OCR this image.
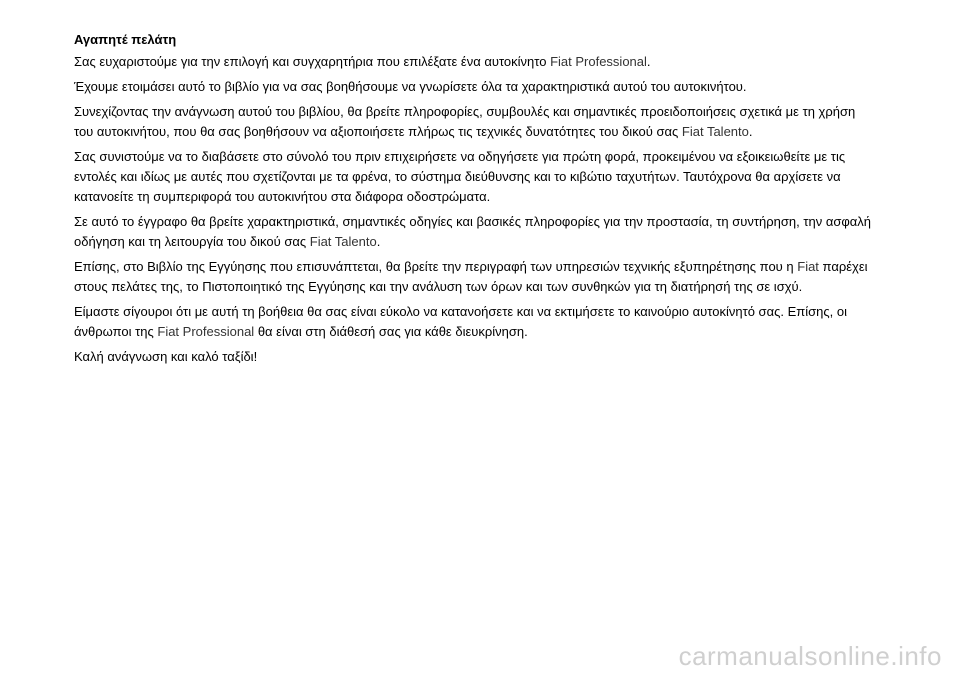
Αγαπητέ πελάτη

Σας ευχαριστούμε για την επιλογή και συγχαρητήρια που επιλέξατε ένα αυτοκίνητο Fiat Professional.

Έχουμε ετοιμάσει αυτό το βιβλίο για να σας βοηθήσουμε να γνωρίσετε όλα τα χαρακτηριστικά αυτού του αυτοκινήτου.

Συνεχίζοντας την ανάγνωση αυτού του βιβλίου, θα βρείτε πληροφορίες, συμβουλές και σημαντικές προειδοποιήσεις σχετικά με τη χρήση του αυτοκινήτου, που θα σας βοηθήσουν να αξιοποιήσετε πλήρως τις τεχνικές δυνατότητες του δικού σας Fiat Talento.

Σας συνιστούμε να το διαβάσετε στο σύνολό του πριν επιχειρήσετε να οδηγήσετε για πρώτη φορά, προκειμένου να εξοικειωθείτε με τις εντολές και ιδίως με αυτές που σχετίζονται με τα φρένα, το σύστημα διεύθυνσης και το κιβώτιο ταχυτήτων. Ταυτόχρονα θα αρχίσετε να κατανοείτε τη συμπεριφορά του αυτοκινήτου στα διάφορα οδοστρώματα.

Σε αυτό το έγγραφο θα βρείτε χαρακτηριστικά, σημαντικές οδηγίες και βασικές πληροφορίες για την προστασία, τη συντήρηση, την ασφαλή οδήγηση και τη λειτουργία του δικού σας Fiat Talento.

Επίσης, στο Βιβλίο της Εγγύησης που επισυνάπτεται, θα βρείτε την περιγραφή των υπηρεσιών τεχνικής εξυπηρέτησης που η Fiat παρέχει στους πελάτες της, το Πιστοποιητικό της Εγγύησης και την ανάλυση των όρων και των συνθηκών για τη διατήρησή της σε ισχύ.

Είμαστε σίγουροι ότι με αυτή τη βοήθεια θα σας είναι εύκολο να κατανοήσετε και να εκτιμήσετε το καινούριο αυτοκίνητό σας. Επίσης, οι άνθρωποι της Fiat Professional θα είναι στη διάθεσή σας για κάθε διευκρίνηση.

Καλή ανάγνωση και καλό ταξίδι!

carmanualsonline.info
